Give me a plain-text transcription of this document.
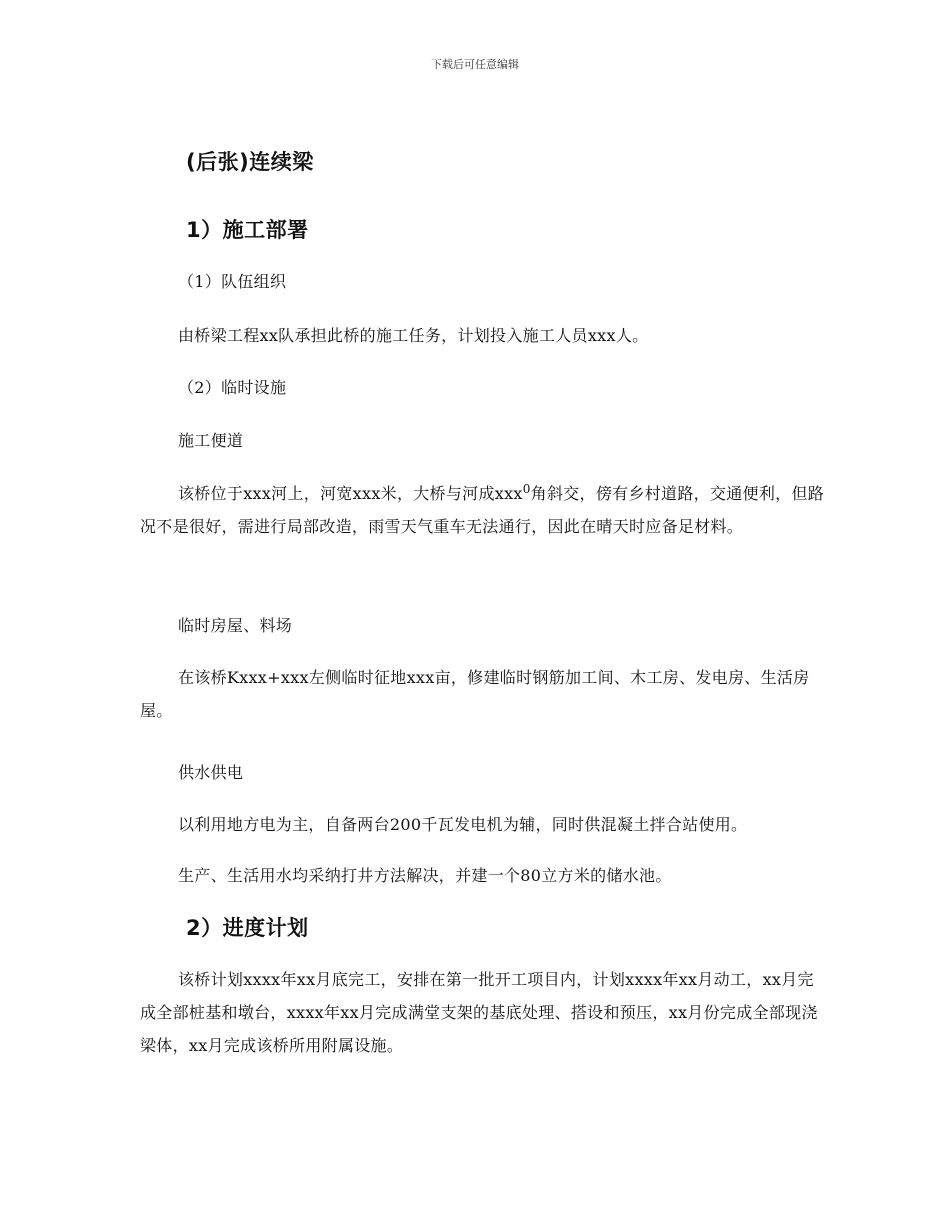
下载后可任意编辑
(后张)连续梁
1）施工部署
（1）队伍组织
由桥梁工程xx队承担此桥的施工任务，计划投入施工人员xxx人。
（2）临时设施
施工便道
该桥位于xxx河上，河宽xxx米，大桥与河成xxx$^0$角斜交，傍有乡村道路，交通便利，但路况不是很好，需进行局部改造，雨雪天气重车无法通行，因此在晴天时应备足材料。
临时房屋、料场
在该桥Kxxx+xxx左侧临时征地xxx亩，修建临时钢筋加工间、木工房、发电房、生活房屋。
供水供电
以利用地方电为主，自备两台200千瓦发电机为辅，同时供混凝土拌合站使用。
生产、生活用水均采纳打井方法解决，并建一个80立方米的储水池。
2）进度计划
该桥计划xxxx年xx月底完工，安排在第一批开工项目内，计划xxxx年xx月动工，xx月完成全部桩基和墩台，xxxx年xx月完成满堂支架的基底处理、搭设和预压，xx月份完成全部现浇梁体，xx月完成该桥所用附属设施。
